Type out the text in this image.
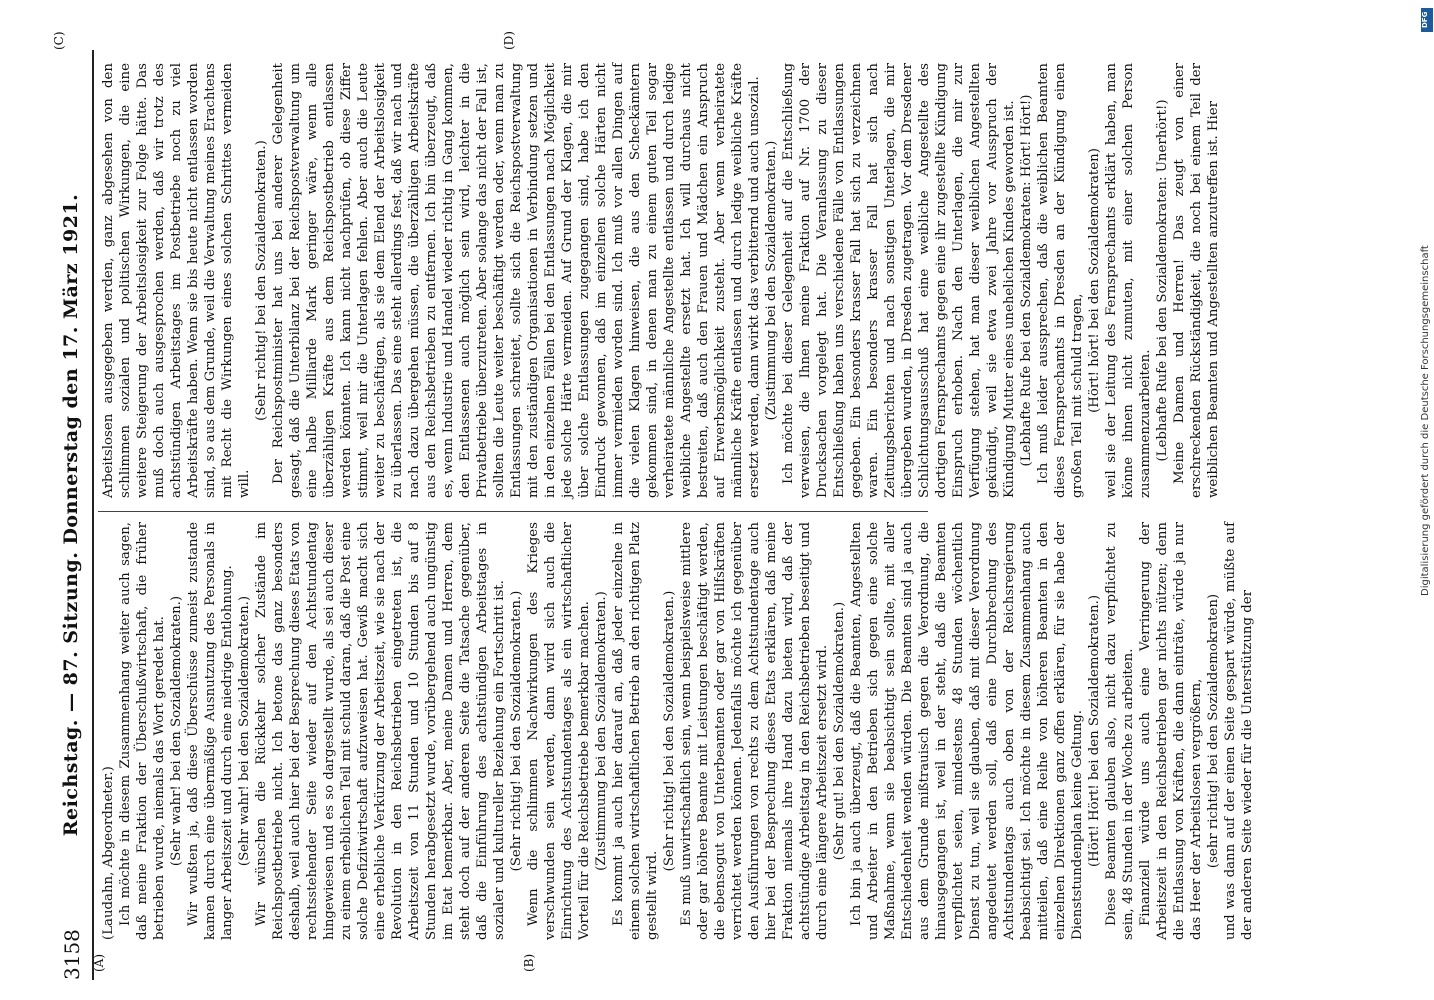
3158
Reichstag. — 87. Sitzung. Donnerstag den 17. März 1921.
(A)	(B)
(C)	(D)

(Laudahn, Abgeordneter.) Ich möchte in diesem Zusammenhang weiter auch sagen, daß meine Fraktion der Überschußwirtschaft, die früher betrieben wurde, niemals das Wort geredet hat. (Sehr wahr! bei den Sozialdemokraten.) Wir wußten ja, daß diese Überschüsse zumeist zustande kamen durch eine übermäßige Ausnutzung des Personals in langer Arbeitszeit und durch eine niedrige Entlohnung. (Sehr wahr! bei den Sozialdemokraten.) Wir wünschen die Rückkehr solcher Zustände im Reichspostbetriebe nicht. Ich betone das ganz besonders deshalb, weil auch hier bei der Besprechung dieses Etats von rechtsstehender Seite wieder auf den Achtstundentag hingewiesen und es so dargestellt wurde, als sei auch dieser zu einem erheblichen Teil mit schuld daran, daß die Post eine solche Defizitwirtschaft aufzuweisen hat. Gewiß macht sich eine erhebliche Verkürzung der Arbeitszeit, wie sie nach der Revolution in den Reichsbetrieben eingetreten ist, die Arbeitszeit von 11 Stunden und 10 Stunden bis auf 8 Stunden herabgesetzt wurde, vorübergehend auch ungünstig im Etat bemerkbar. Aber, meine Damen und Herren, dem steht doch auf der anderen Seite die Tatsache gegenüber, daß die Einführung des achtstündigen Arbeitstages in sozialer und kultureller Beziehung ein Fortschritt ist. (Sehr richtig! bei den Sozialdemokraten.) Wenn die schlimmen Nachwirkungen des Krieges verschwunden sein werden, dann wird sich auch die Einrichtung des Achtstundentages als ein wirtschaftlicher Vorteil für die Reichsbetriebe bemerkbar machen. (Zustimmung bei den Sozialdemokraten.) Es kommt ja auch hier darauf an, daß jeder einzelne in einem solchen wirtschaftlichen Betrieb an den richtigen Platz gestellt wird.

(Sehr richtig! bei den Sozialdemokraten.) Es muß unwirtschaftlich sein, wenn beispielsweise mittlere oder gar höhere Beamte mit Leistungen beschäftigt werden, die ebensogut von Unterbeamten oder gar von Hilfskräften verrichtet werden können. Jedenfalls möchte ich gegenüber den Ausführungen von rechts zu dem Achtstundentage auch hier bei der Besprechung dieses Etats erklären, daß meine Fraktion niemals ihre Hand dazu bieten wird, daß der achtstündige Arbeitstag in den Reichsbetrieben beseitigt und durch eine längere Arbeitszeit ersetzt wird. (Sehr gut! bei den Sozialdemokraten.) Ich bin ja auch überzeugt, daß die Beamten, Angestellten und Arbeiter in den Betrieben sich gegen eine solche Maßnahme, wenn sie beabsichtigt sein sollte, mit aller Entschiedenheit wenden würden. Die Beamten sind ja auch aus dem Grunde mißtrauisch gegen die Verordnung, die hinausgegangen ist, weil in der steht, daß die Beamten verpflichtet seien, mindestens 48 Stunden wöchentlich Dienst zu tun, weil sie glauben, daß mit dieser Verordnung angedeutet werden soll, daß eine Durchbrechung des Achtstundentags auch oben von der Reichsregierung beabsichtigt sei. Ich möchte in diesem Zusammenhang auch mitteilen, daß eine Reihe von höheren Beamten in den einzelnen Direktionen ganz offen erklären, für sie habe der Dienststundenplan keine Geltung. (Hört! Hört! bei den Sozialdemokraten.) Diese Beamten glauben also, nicht dazu verpflichtet zu sein, 48 Stunden in der Woche zu arbeiten. Finanziell würde uns auch eine Verringerung der Arbeitszeit in den Reichsbetrieben gar nichts nützen; denn die Entlassung von Kräften, die dann einträte, würde ja nur das Heer der Arbeitslosen vergrößern, (sehr richtig! bei den Sozialdemokraten) und was dann auf der einen Seite gespart würde, müßte auf der anderen Seite wieder für die Unterstützung der

Arbeitslosen ausgegeben werden, ganz abgesehen von den schlimmen sozialen und politischen Wirkungen, die eine weitere Steigerung der Arbeitslosigkeit zur Folge hätte. Das muß doch auch ausgesprochen werden, daß wir trotz des achtstündigen Arbeitstages im Postbetriebe noch zu viel Arbeitskräfte haben. Wenn sie bis heute nicht entlassen worden sind, so aus dem Grunde, weil die Verwaltung meines Erachtens mit Recht die Wirkungen eines solchen Schrittes vermeiden will.

(Sehr richtig! bei den Sozialdemokraten.) Der Reichspostminister hat uns bei anderer Gelegenheit gesagt, daß die Unterbilanz bei der Reichspostverwaltung um eine halbe Milliarde Mark geringer wäre, wenn alle überzähligen Kräfte aus dem Reichspostbetrieb entlassen werden könnten. Ich kann nicht nachprüfen, ob diese Ziffer stimmt, weil mir die Unterlagen fehlen. Aber auch die Leute weiter zu beschäftigen, als sie dem Elend der Arbeitslosigkeit zu überlassen. Das eine steht allerdings fest, daß wir nach und nach dazu übergehen müssen, die überzähligen Arbeitskräfte aus den Reichsbetrieben zu entfernen. Ich bin überzeugt, daß es, wenn Industrie und Handel wieder richtig in Gang kommen, den Entlassenen auch möglich sein wird, leichter in die Privatbetriebe überzutreten. Aber solange das nicht der Fall ist, sollten die Leute weiter beschäftigt werden oder, wenn man zu Entlassungen schreitet, sollte sich die Reichspostverwaltung mit den zuständigen Organisationen in Verbindung setzen und in den einzelnen Fällen bei den Entlassungen nach Möglichkeit jede solche Härte vermeiden. Auf Grund der Klagen, die mir über solche Entlassungen zugegangen sind, habe ich den Eindruck gewonnen, daß im einzelnen solche Härten nicht immer vermieden worden sind. Ich muß vor allen Dingen auf die vielen Klagen hinweisen, die aus den Scheckämtern gekommen sind, in denen man zu einem guten Teil sogar verheiratete männliche Angestellte entlassen und durch ledige weibliche Angestellte ersetzt hat. Ich will durchaus nicht bestreiten, daß auch den Frauen und Mädchen ein Anspruch auf Erwerbsmöglichkeit zusteht. Aber wenn verheiratete männliche Kräfte entlassen und durch ledige weibliche Kräfte ersetzt werden, dann wirkt das verbitternd und auch unsozial. (Zustimmung bei den Sozialdemokraten.) Ich möchte bei dieser Gelegenheit auf die Entschließung verweisen, die Ihnen meine Fraktion auf Nr. 1700 der Drucksachen vorgelegt hat. Die Veranlassung zu dieser Entschließung haben uns verschiedene Fälle von Entlassungen gegeben. Ein besonders krasser Fall hat sich zu verzeichnen waren. Ein besonders krasser Fall hat sich nach Zeitungsberichten und nach sonstigen Unterlagen, die mir übergeben wurden, in Dresden zugetragen. Vor dem Dresdener Schlichtungsausschuß hat eine weibliche Angestellte des dortigen Fernsprechamts gegen eine ihr zugestellte Kündigung Einspruch erhoben. Nach den Unterlagen, die mir zur Verfügung stehen, hat man dieser weiblichen Angestellten gekündigt, weil sie etwa zwei Jahre vor Ausspruch der Kündigung Mutter eines unehelichen Kindes geworden ist. (Lebhafte Rufe bei den Sozialdemokraten: Hört! Hört!) Ich muß leider aussprechen, daß die weiblichen Beamten dieses Fernsprechamts in Dresden an der Kündigung einen großen Teil mit schuld tragen, (Hört! hört! bei den Sozialdemokraten) weil sie der Leitung des Fernsprechamts erklärt haben, man könne ihnen nicht zumuten, mit einer solchen Person zusammenzuarbeiten. (Lebhafte Rufe bei den Sozialdemokraten: Unerhört!) Meine Damen und Herren! Das zeugt von einer erschreckenden Rückständigkeit, die noch bei einem Teil der weiblichen Beamten und Angestellten anzutreffen ist. Hier

DFG
Digitalisierung gefördert durch die Deutsche Forschungsgemeinschaft
